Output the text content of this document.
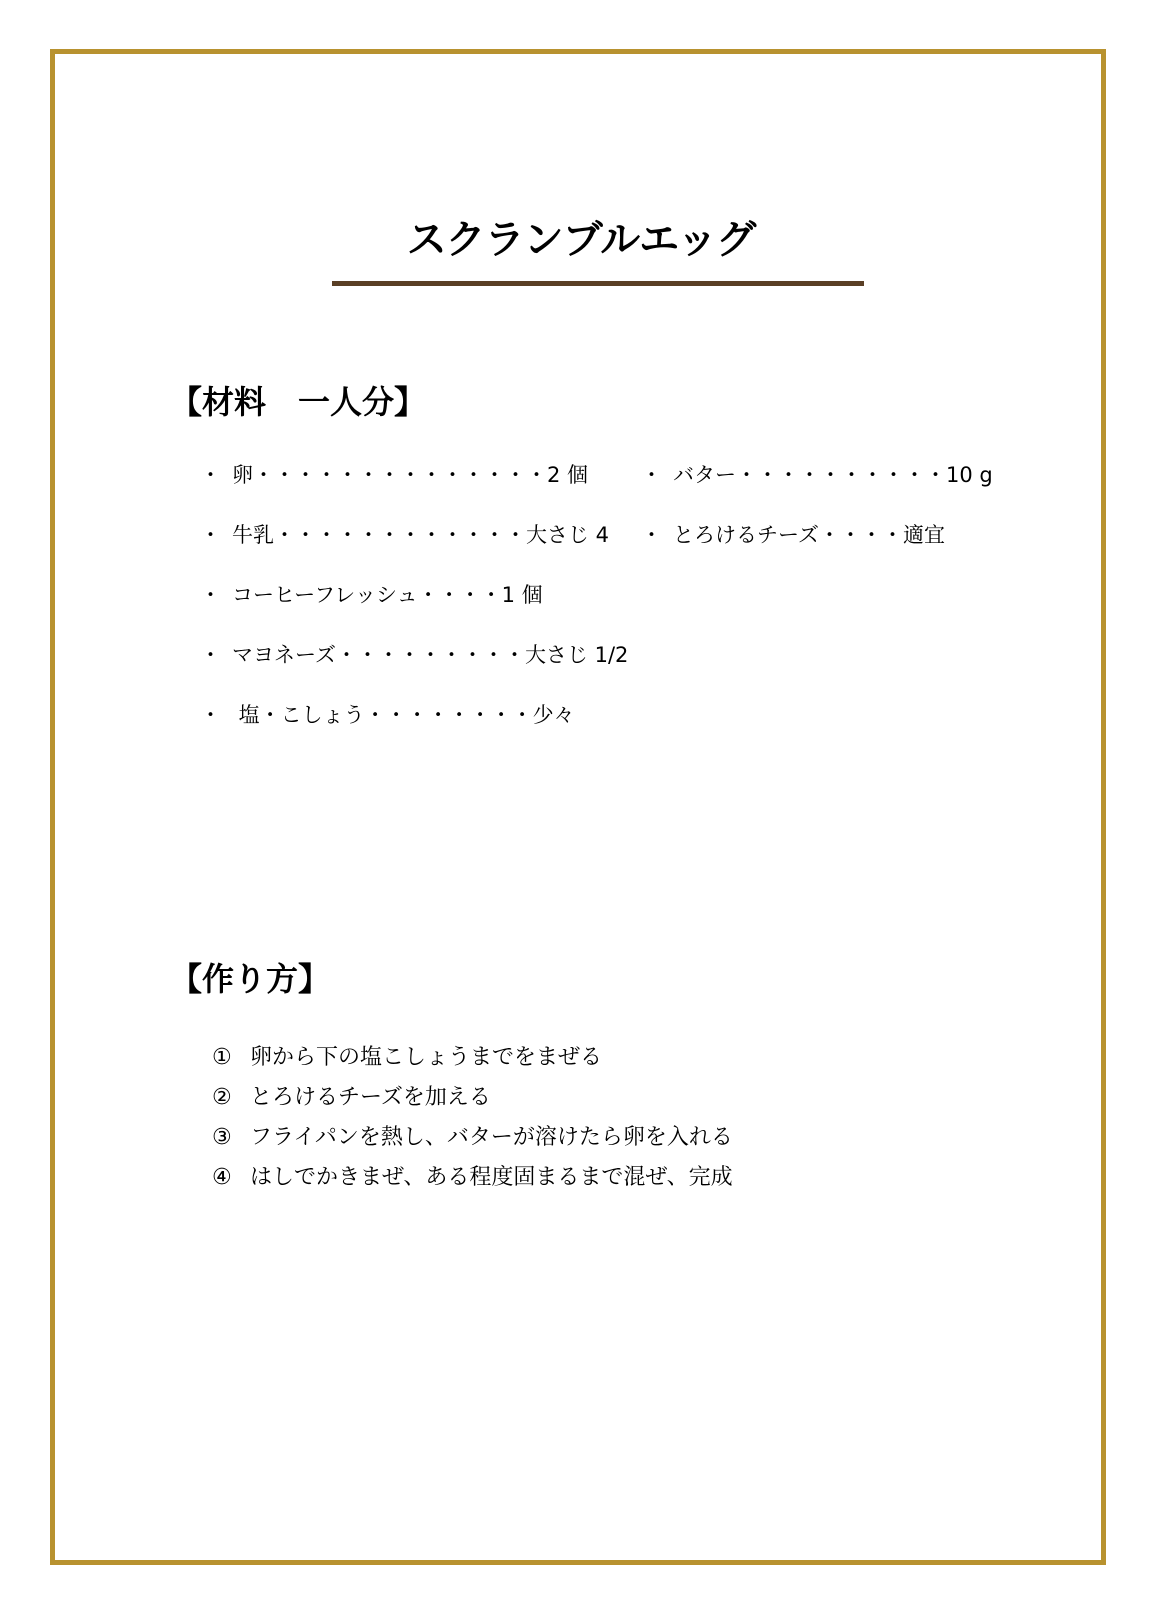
スクランブルエッグ
【材料　一人分】
・ 卵・・・・・・・・・・・・・・2 個
・ 牛乳・・・・・・・・・・・・大さじ 4
・ コーヒーフレッシュ・・・・1 個
・ マヨネーズ・・・・・・・・・大さじ 1/2
・ 塩・こしょう・・・・・・・・少々
・ バター・・・・・・・・・・10 g
・ とろけるチーズ・・・・適宜
【作り方】
① 卵から下の塩こしょうまでをまぜる
② とろけるチーズを加える
③ フライパンを熱し、バターが溶けたら卵を入れる
④ はしでかきまぜ、ある程度固まるまで混ぜ、完成
